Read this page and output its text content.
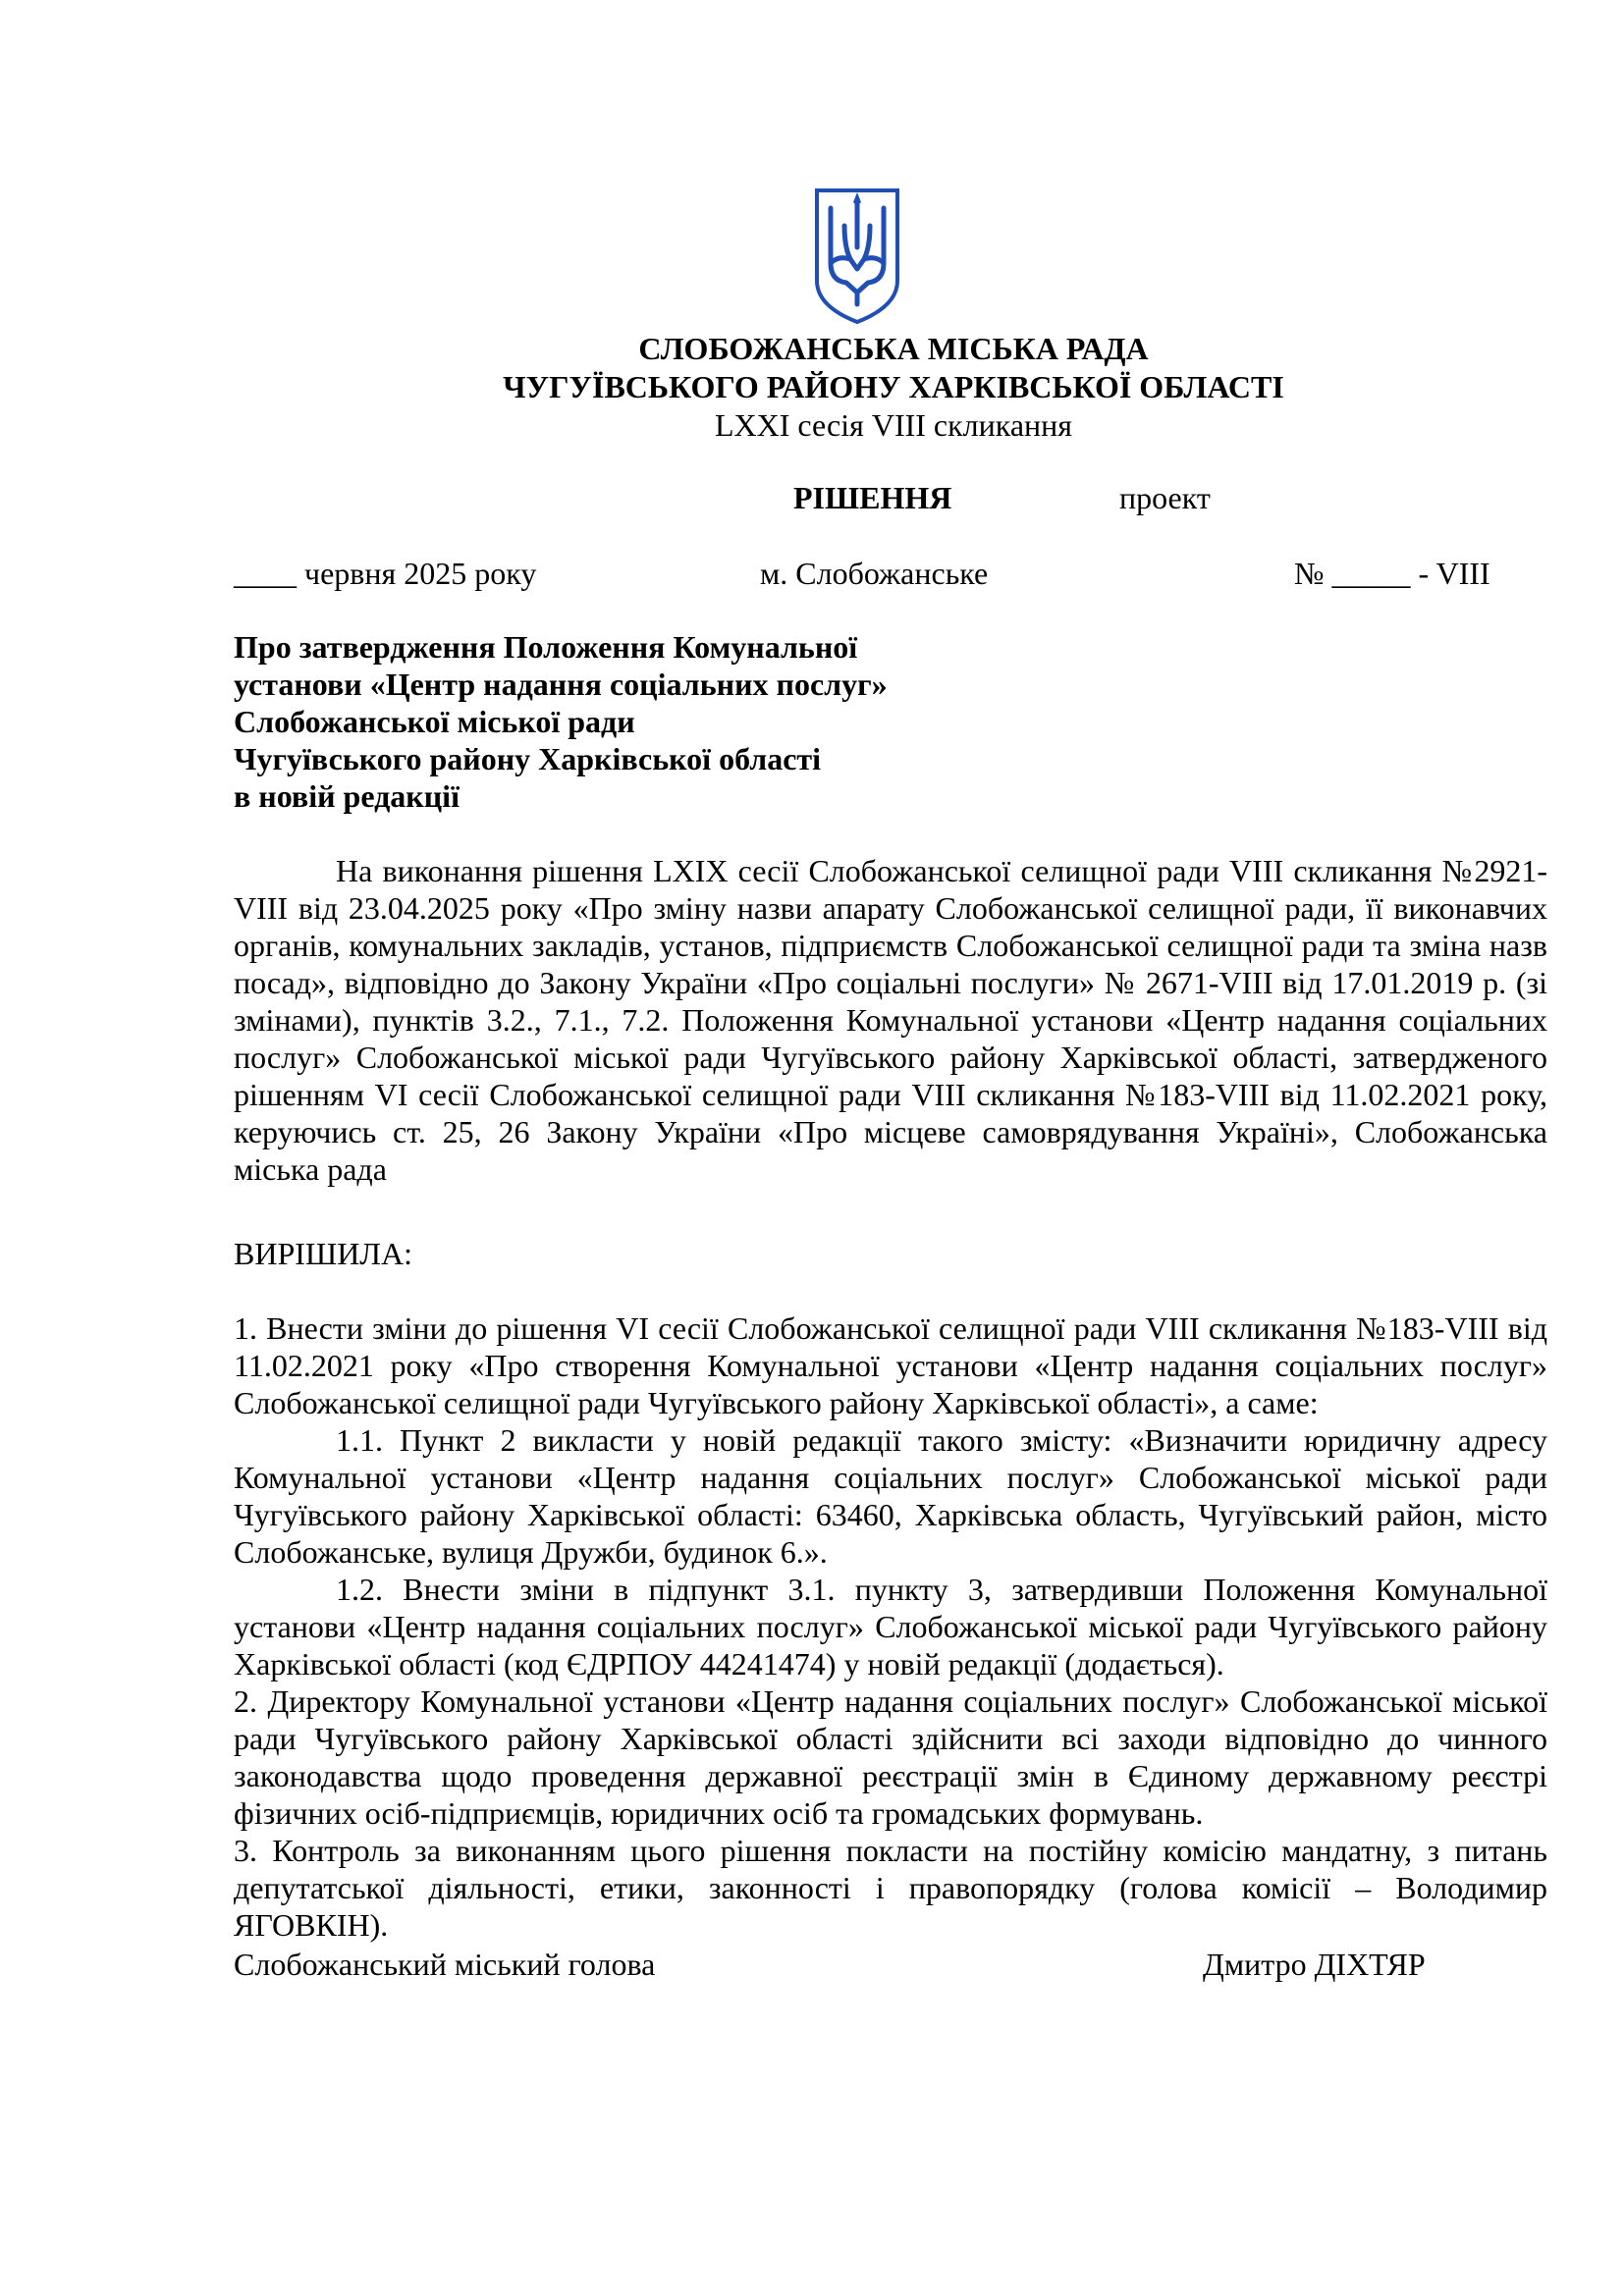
СЛОБОЖАНСЬКА МІСЬКА РАДА
ЧУГУЇВСЬКОГО РАЙОНУ ХАРКІВСЬКОЇ ОБЛАСТІ
LXXI сесія VIII скликання
РІШЕННЯ	проект
____ червня 2025 року	м. Слобожанське	№ _____ - VIII
Про затвердження Положення Комунальної
установи «Центр надання соціальних послуг»
Слобожанської міської ради
Чугуївського району Харківської області
в новій редакції

На виконання рішення LXIX сесії Слобожанської селищної ради VIII скликання №2921-VIII від 23.04.2025 року «Про зміну назви апарату Слобожанської селищної ради, її виконавчих органів, комунальних закладів, установ, підприємств Слобожанської селищної ради та зміна назв посад», відповідно до Закону України «Про соціальні послуги» № 2671-VIII від 17.01.2019 р. (зі змінами), пунктів 3.2., 7.1., 7.2. Положення Комунальної установи «Центр надання соціальних послуг» Слобожанської міської ради Чугуївського району Харківської області, затвердженого рішенням VI сесії Слобожанської селищної ради VIII скликання №183-VIII від 11.02.2021 року, керуючись ст. 25, 26 Закону України «Про місцеве самоврядування Україні», Слобожанська міська рада

ВИРІШИЛА:

1. Внести зміни до рішення VI сесії Слобожанської селищної ради VIII скликання №183-VIII від 11.02.2021 року «Про створення Комунальної установи «Центр надання соціальних послуг» Слобожанської селищної ради Чугуївського району Харківської області», а саме:

1.1. Пункт 2 викласти у новій редакції такого змісту: «Визначити юридичну адресу Комунальної установи «Центр надання соціальних послуг» Слобожанської міської ради Чугуївського району Харківської області: 63460, Харківська область, Чугуївський район, місто Слобожанське, вулиця Дружби, будинок 6.».

1.2. Внести зміни в підпункт 3.1. пункту 3, затвердивши Положення Комунальної установи «Центр надання соціальних послуг» Слобожанської міської ради Чугуївського району Харківської області (код ЄДРПОУ 44241474) у новій редакції (додається).

2. Директору Комунальної установи «Центр надання соціальних послуг» Слобожанської міської ради Чугуївського району Харківської області здійснити всі заходи відповідно до чинного законодавства щодо проведення державної реєстрації змін в Єдиному державному реєстрі фізичних осіб-підприємців, юридичних осіб та громадських формувань.

3. Контроль за виконанням цього рішення покласти на постійну комісію мандатну, з питань депутатської діяльності, етики, законності і правопорядку (голова комісії – Володимир ЯГОВКІН).

Слобожанський міський голова	Дмитро ДІХТЯР
